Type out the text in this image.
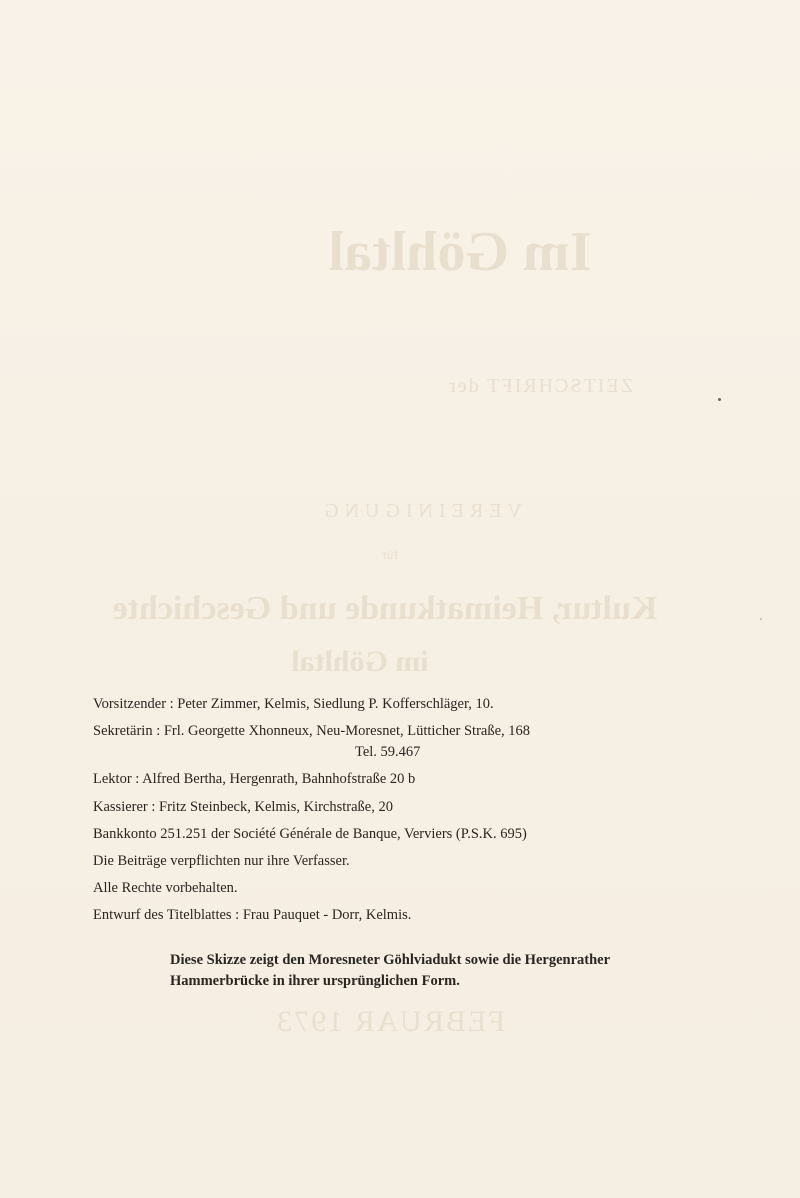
Im Göhltal
ZEITSCHRIFT der
VEREINIGUNG
für
Kultur, Heimatkunde und Geschichte
im Göhltal
FEBRUAR 1973

Vorsitzender : Peter Zimmer, Kelmis, Siedlung P. Kofferschläger, 10.

Sekretärin : Frl. Georgette Xhonneux, Neu-Moresnet, Lütticher Straße, 168

Tel. 59.467

Lektor : Alfred Bertha, Hergenrath, Bahnhofstraße 20 b

Kassierer : Fritz Steinbeck, Kelmis, Kirchstraße, 20

Bankkonto 251.251 der Société Générale de Banque, Verviers (P.S.K. 695)

Die Beiträge verpflichten nur ihre Verfasser.

Alle Rechte vorbehalten.

Entwurf des Titelblattes : Frau Pauquet - Dorr, Kelmis.

Diese Skizze zeigt den Moresneter Göhlviadukt sowie die Hergenrather
Hammerbrücke in ihrer ursprünglichen Form.
